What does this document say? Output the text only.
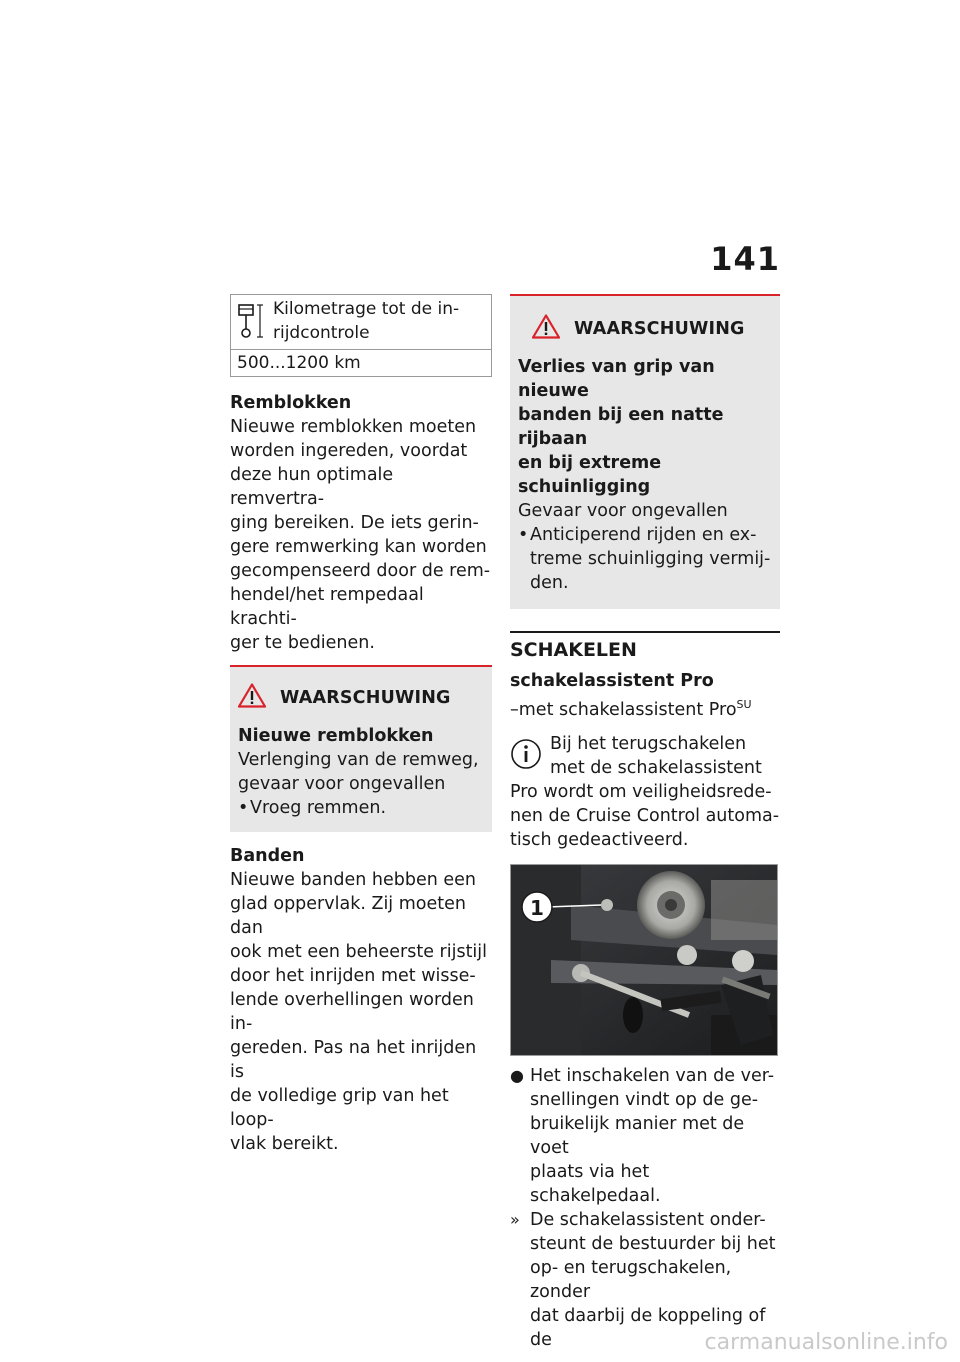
141
Kilometrage tot de in-
rijdcontrole
500...1200 km

Remblokken

Nieuwe remblokken moeten

worden ingereden, voordat

deze hun optimale remvertra-

ging bereiken. De iets gerin-

gere remwerking kan worden

gecompenseerd door de rem-

hendel/het rempedaal krachti-

ger te bedienen.

WAARSCHUWING

Nieuwe remblokken

Verlenging van de remweg,

gevaar voor ongevallen

• Vroeg remmen.

Banden

Nieuwe banden hebben een

glad oppervlak. Zij moeten dan

ook met een beheerste rijstijl

door het inrijden met wisse-

lende overhellingen worden in-

gereden. Pas na het inrijden is

de volledige grip van het loop-

vlak bereikt.

WAARSCHUWING

Verlies van grip van nieuwe

banden bij een natte rijbaan

en bij extreme schuinligging

Gevaar voor ongevallen

• Anticiperend rijden en ex-
treme schuinligging vermij-
den.

SCHAKELEN

schakelassistent Pro

–met schakelassistent Pro$^{SU}$

Bij het terugschakelen

met de schakelassistent

Pro wordt om veiligheidsrede-

nen de Cruise Control automa-

tisch gedeactiveerd.

1
● Het inschakelen van de ver-
snellingen vindt op de ge-
bruikelijk manier met de voet
plaats via het schakelpedaal.
» De schakelassistent onder-
steunt de bestuurder bij het
op- en terugschakelen, zonder
dat daarbij de koppeling of de	carmanualsonline.info
